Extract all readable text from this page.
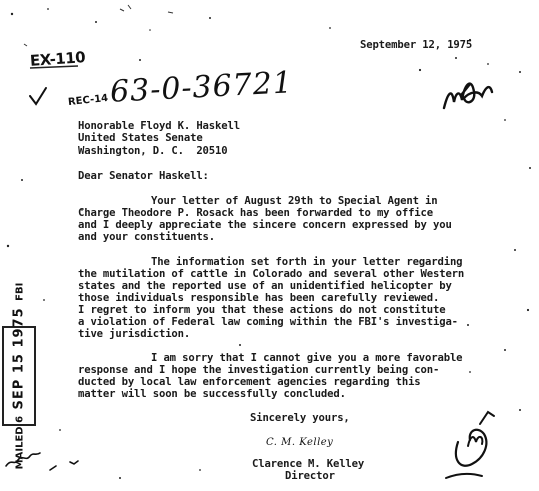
EX-110
REC-14 63-0-36721
September 12, 1975
Honorable Floyd K. Haskell
United States Senate
Washington, D. C.  20510
Dear Senator Haskell:
Your letter of August 29th to Special Agent in
Charge Theodore P. Rosack has been forwarded to my office
and I deeply appreciate the sincere concern expressed by you
and your constituents.
The information set forth in your letter regarding
the mutilation of cattle in Colorado and several other Western
states and the reported use of an unidentified helicopter by
those individuals responsible has been carefully reviewed.
I regret to inform you that these actions do not constitute
a violation of Federal law coming within the FBI's investiga-
tive jurisdiction.
I am sorry that I cannot give you a more favorable
response and I hope the investigation currently being con-
ducted by local law enforcement agencies regarding this
matter will soon be successfully concluded.
Sincerely yours,
C. M. Kelley
Clarence M. Kelley
Director
MAILED 6 SEP 15 1975 FBI
